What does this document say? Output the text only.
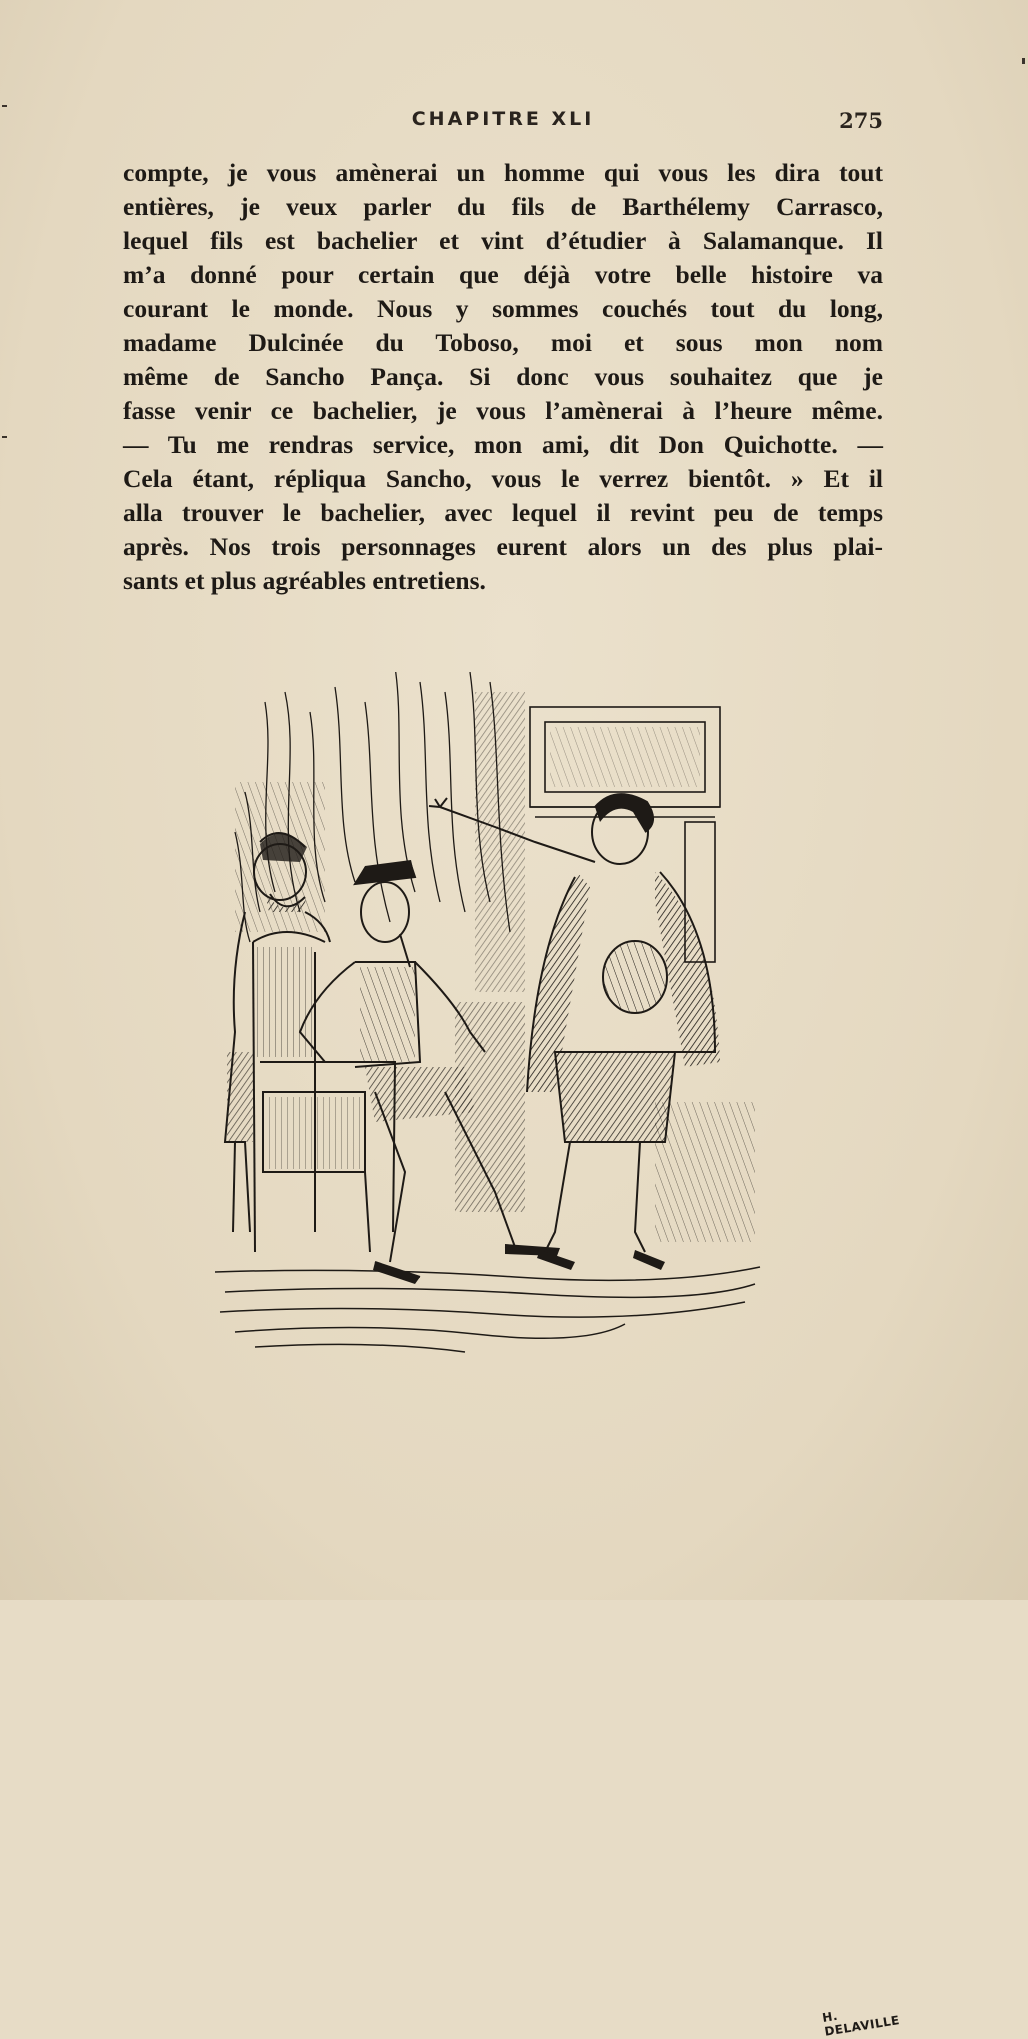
CHAPITRE XLI	275
compte, je vous amènerai un homme qui vous les dira tout
entières, je veux parler du fils de Barthélemy Carrasco,
lequel fils est bachelier et vint d’étudier à Salamanque. Il
m’a donné pour certain que déjà votre belle histoire va
courant le monde. Nous y sommes couchés tout du long,
madame Dulcinée du Toboso, moi et sous mon nom
même de Sancho Pança. Si donc vous souhaitez que je
fasse venir ce bachelier, je vous l’amènerai à l’heure même.
— Tu me rendras service, mon ami, dit Don Quichotte. —
Cela étant, répliqua Sancho, vous le verrez bientôt. » Et il
alla trouver le bachelier, avec lequel il revint peu de temps
après. Nos trois personnages eurent alors un des plus plai-
sants et plus agréables entretiens.
H. DELAVILLE
